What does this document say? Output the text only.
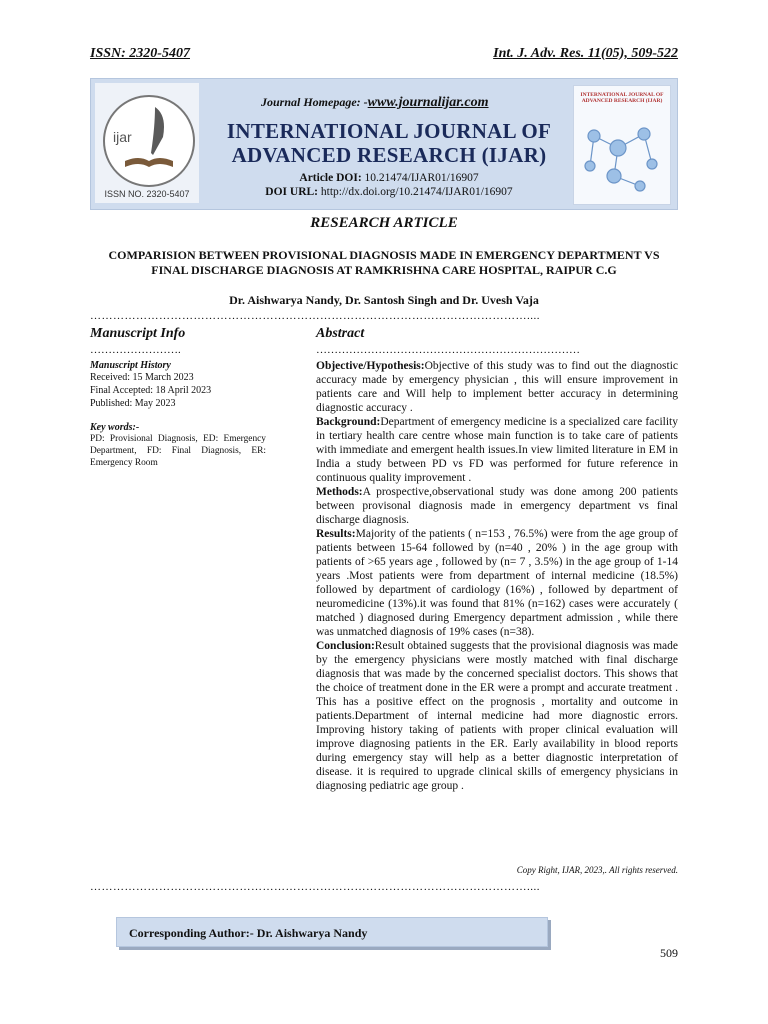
ISSN: 2320-5407	Int. J. Adv. Res. 11(05), 509-522
ijar
ISSN NO. 2320-5407
Journal Homepage: -www.journalijar.com
INTERNATIONAL JOURNAL OF
ADVANCED RESEARCH (IJAR)
Article DOI: 10.21474/IJAR01/16907
DOI URL: http://dx.doi.org/10.21474/IJAR01/16907
INTERNATIONAL JOURNAL OF ADVANCED RESEARCH (IJAR)
RESEARCH ARTICLE
COMPARISION BETWEEN PROVISIONAL DIAGNOSIS MADE IN EMERGENCY DEPARTMENT VS
FINAL DISCHARGE DIAGNOSIS AT RAMKRISHNA CARE HOSPITAL, RAIPUR C.G
Dr. Aishwarya Nandy, Dr. Santosh Singh and Dr. Uvesh Vaja
……………………………………………………………………………………………………....
Manuscript Info
…………………….
Manuscript History
Received: 15 March 2023
Final Accepted: 18 April 2023
Published: May 2023
Key words:-
PD: Provisional Diagnosis, ED: Emergency Department, FD: Final Diagnosis, ER: Emergency Room
Abstract
………………………………………………………………

Objective/Hypothesis:Objective of this study was to find out the diagnostic accuracy made by emergency physician , this will ensure improvement in patients care and Will help to implement better accuracy in determining diagnostic accuracy .

Background:Department of emergency medicine is a specialized care facility in tertiary health care centre whose main function is to take care of patients with immediate and emergent health issues.In view limited literature in EM in India a study between PD vs FD was performed for future reference in continuous quality improvement .

Methods:A prospective,observational study was done among 200 patients between provisonal diagnosis made in emergency department vs final discharge diagnosis.

Results:Majority of the patients ( n=153 , 76.5%) were from the age group of patients between 15-64 followed by (n=40 , 20% ) in the age group with patients of >65 years age , followed by (n= 7 , 3.5%) in the age group of 1-14 years .Most patients were from department of internal medicine (18.5%) followed by department of cardiology (16%) , followed by department of neuromedicine (13%).it was found that 81% (n=162) cases were accurately ( matched ) diagnosed during Emergency department admission , while there was unmatched diagnosis of 19% cases (n=38).

Conclusion:Result obtained suggests that the provisional diagnosis was made by the emergency physicians were mostly matched with final discharge diagnosis that was made by the concerned specialist doctors. This shows that the choice of treatment done in the ER were a prompt and accurate treatment . This has a positive effect on the prognosis , mortality and outcome in patients.Department of internal medicine had more diagnostic errors. Improving history taking of patients with proper clinical evaluation will improve diagnosing patients in the ER. Early availability in blood reports during emergency stay will help as a better diagnostic interpretation of disease. it is required to upgrade clinical skills of emergency physicians in diagnosing pediatric age group .

Copy Right, IJAR, 2023,. All rights reserved.
……………………………………………………………………………………………………....
Corresponding Author:- Dr. Aishwarya Nandy
509
